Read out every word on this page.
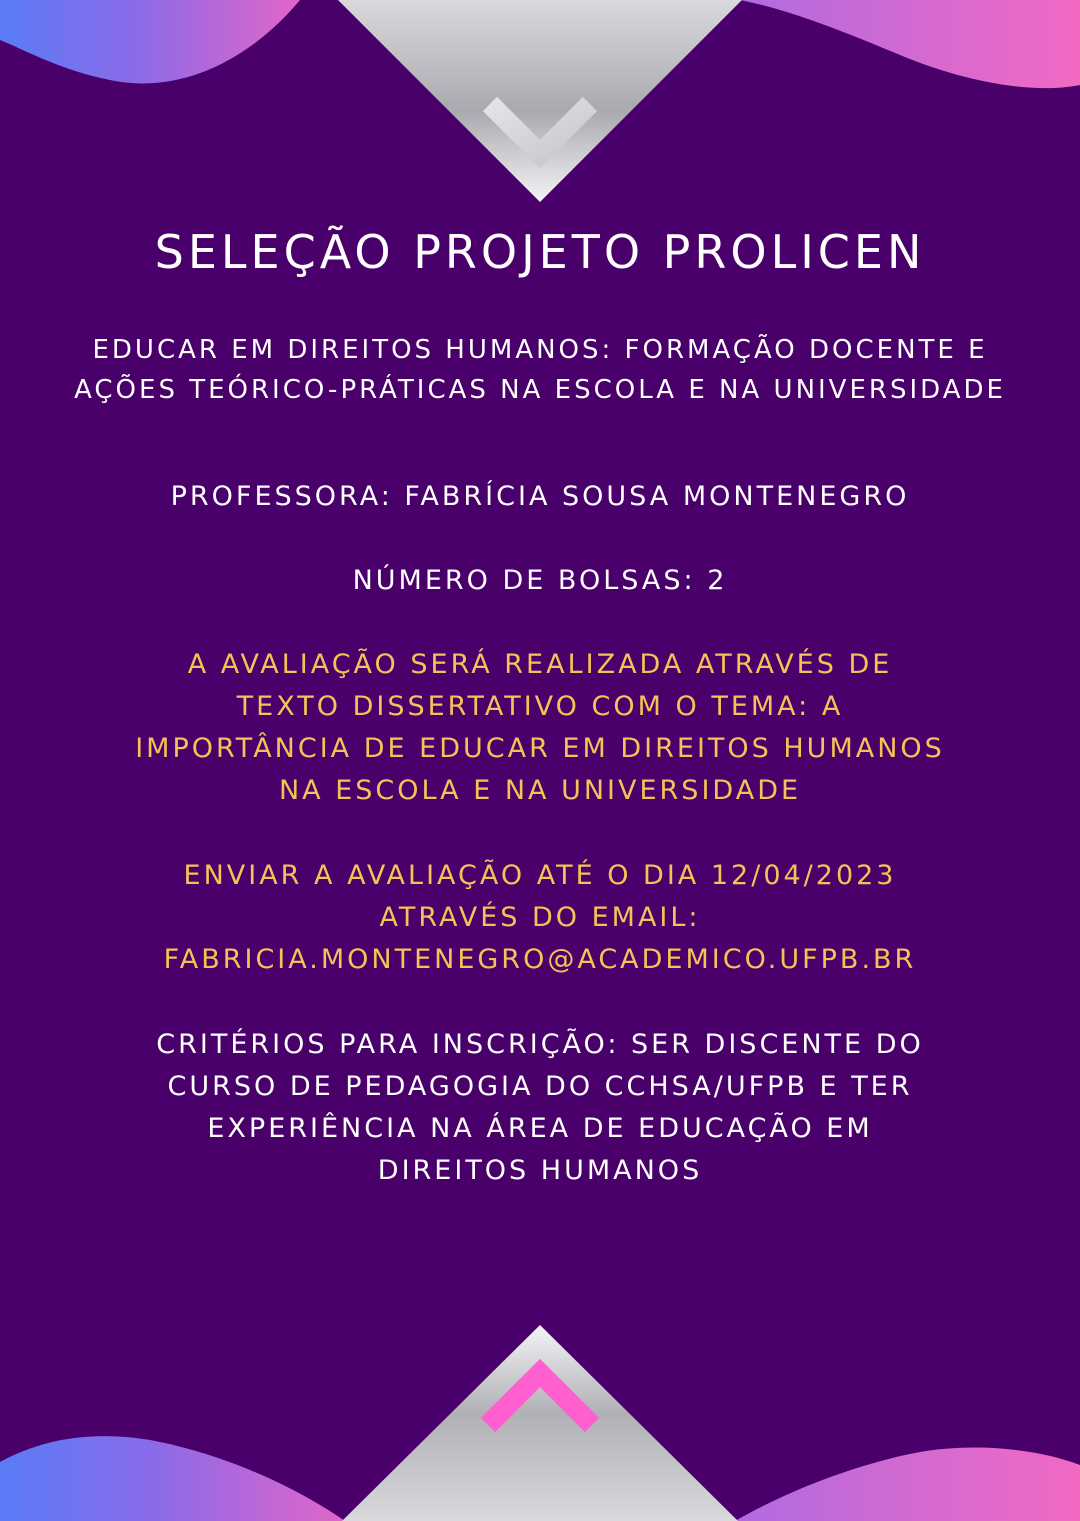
SELEÇÃO PROJETO PROLICEN
EDUCAR EM DIREITOS HUMANOS: FORMAÇÃO DOCENTE E
AÇÕES TEÓRICO-PRÁTICAS NA ESCOLA E NA UNIVERSIDADE
PROFESSORA: FABRÍCIA SOUSA MONTENEGRO
NÚMERO DE BOLSAS: 2
A AVALIAÇÃO SERÁ REALIZADA ATRAVÉS DE
TEXTO DISSERTATIVO COM O TEMA: A
IMPORTÂNCIA DE EDUCAR EM DIREITOS HUMANOS
NA ESCOLA E NA UNIVERSIDADE
ENVIAR A AVALIAÇÃO ATÉ O DIA 12/04/2023
ATRAVÉS DO EMAIL:
FABRICIA.MONTENEGRO@ACADEMICO.UFPB.BR
CRITÉRIOS PARA INSCRIÇÃO: SER DISCENTE DO
CURSO DE PEDAGOGIA DO CCHSA/UFPB E TER
EXPERIÊNCIA NA ÁREA DE EDUCAÇÃO EM
DIREITOS HUMANOS
